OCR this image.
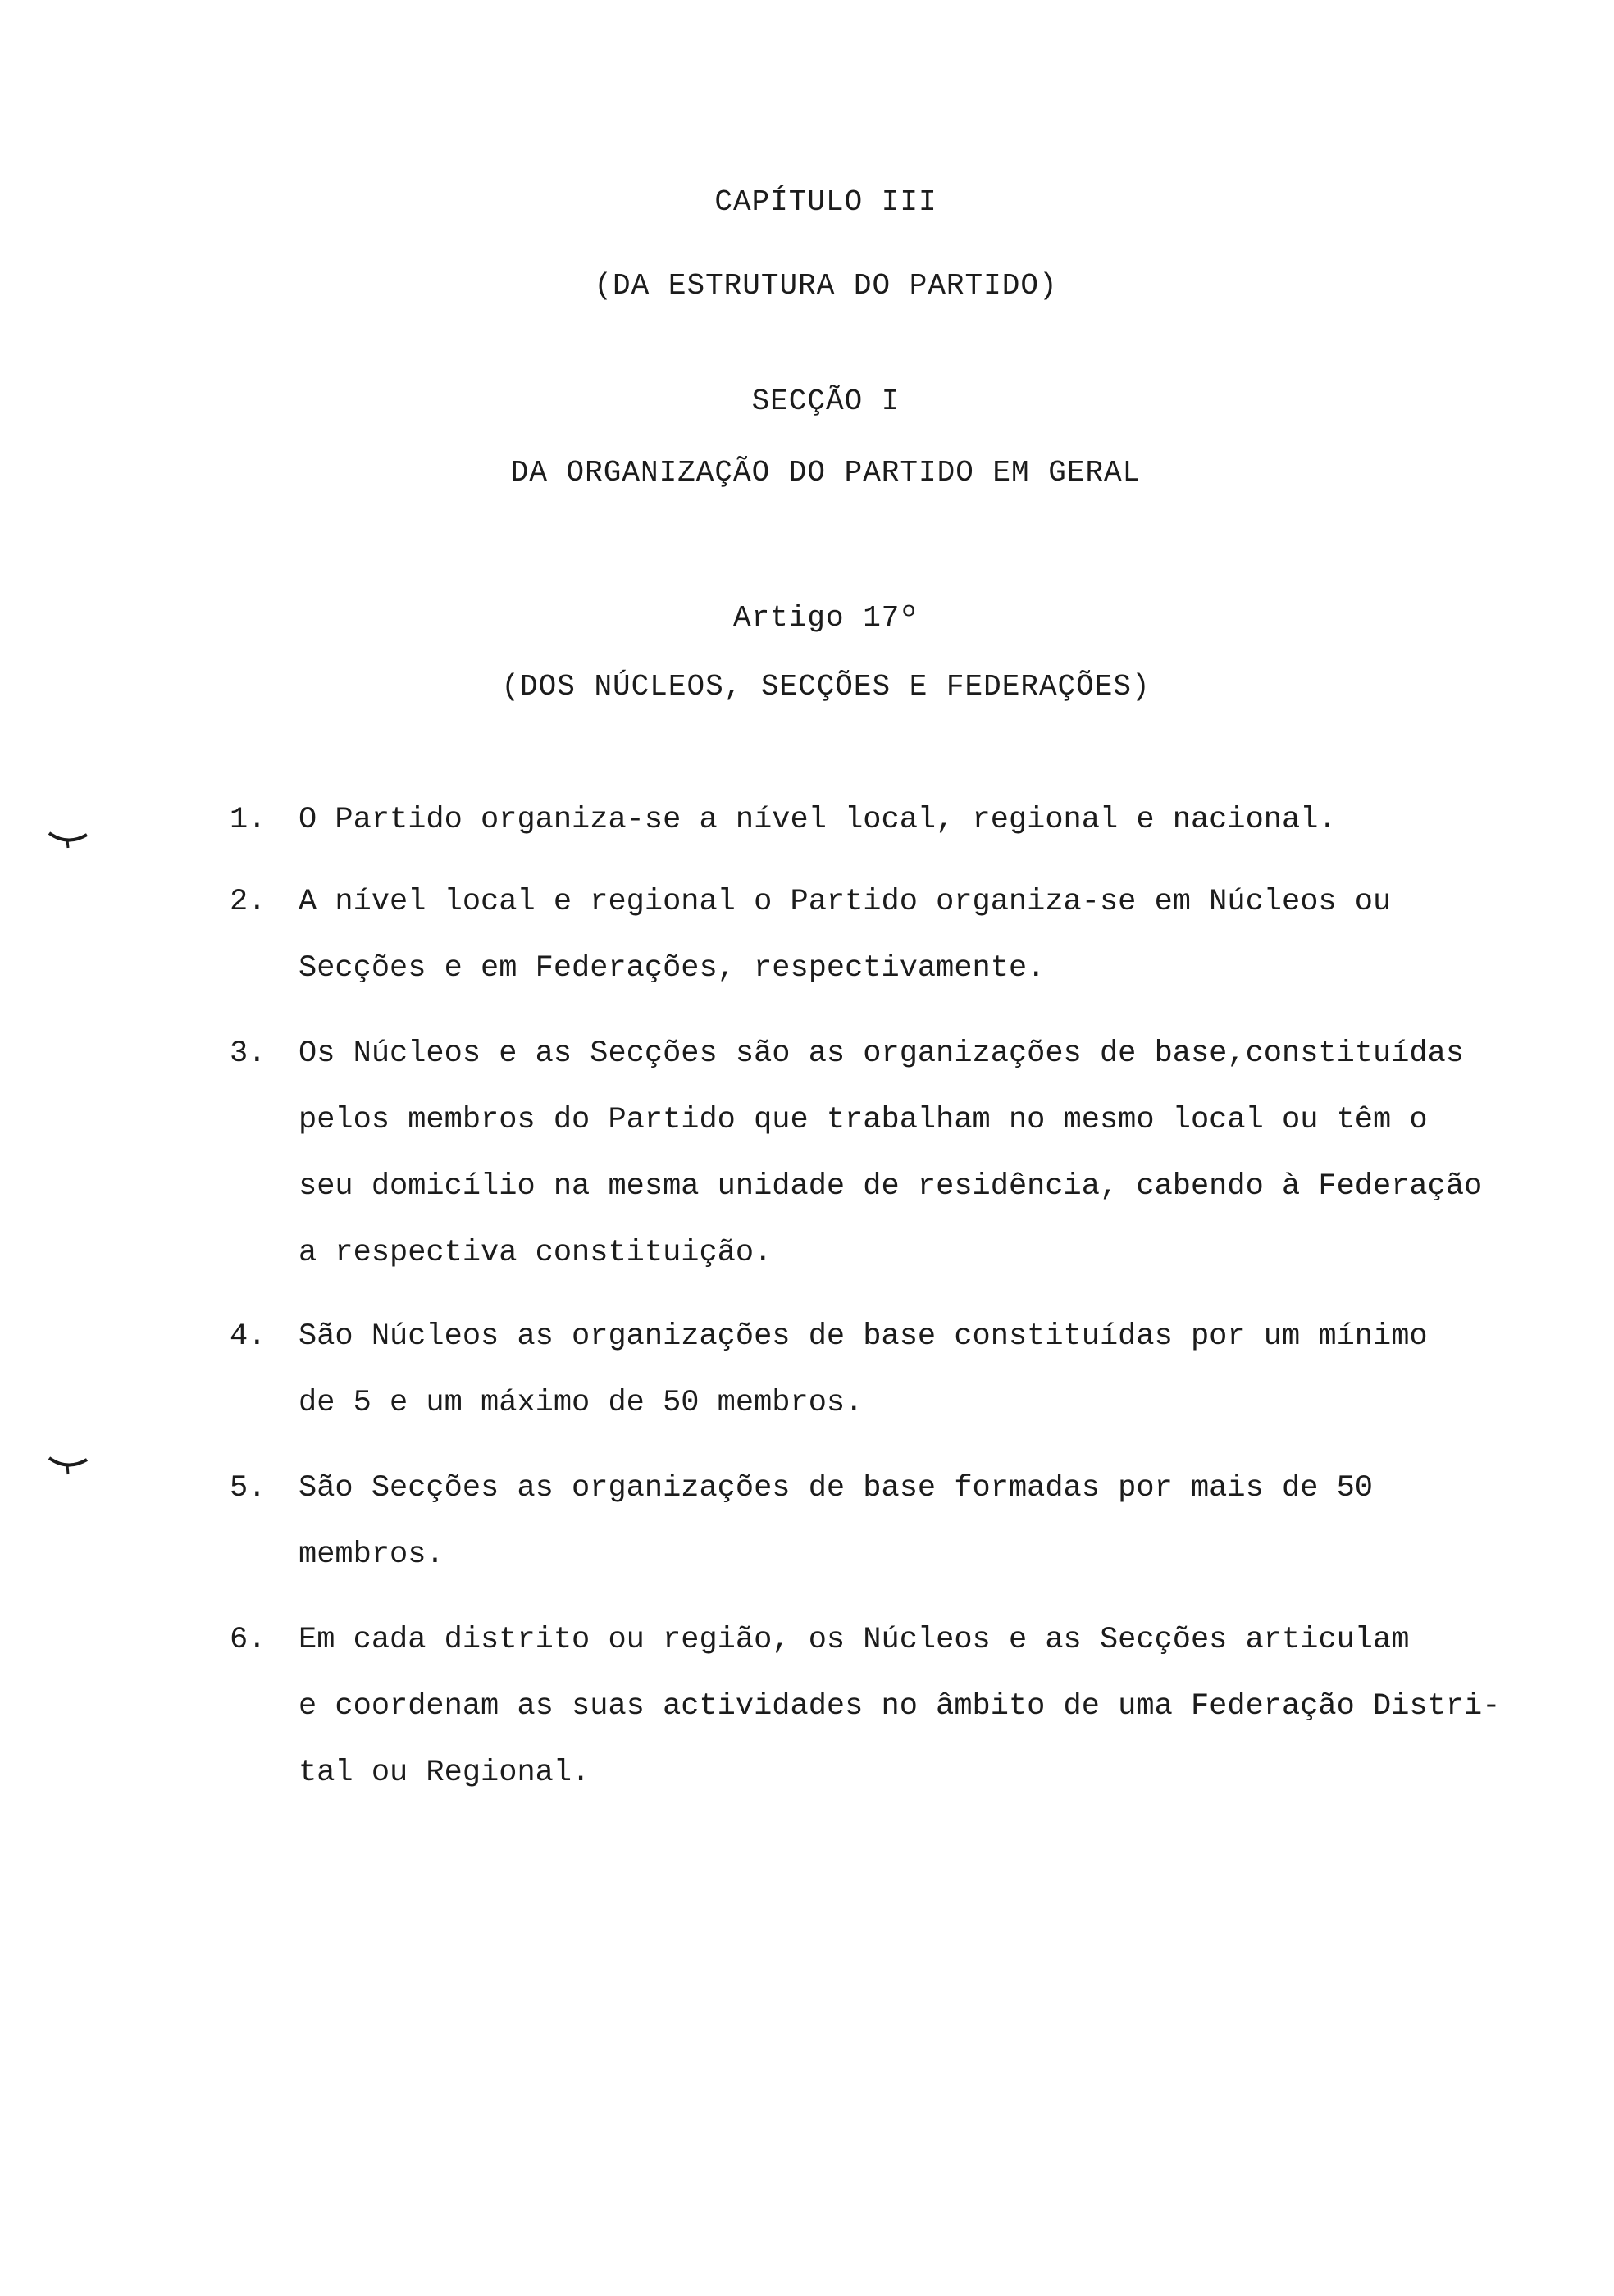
CAPÍTULO III
(DA ESTRUTURA DO PARTIDO)
SECÇÃO I
DA ORGANIZAÇÃO DO PARTIDO EM GERAL
Artigo 17º
(DOS NÚCLEOS, SECÇÕES E FEDERAÇÕES)
1. O Partido organiza-se a nível local, regional e nacional.
2. A nível local e regional o Partido organiza-se em Núcleos ou
Secções e em Federações, respectivamente.
3. Os Núcleos e as Secções são as organizações de base,constituídas
pelos membros do Partido que trabalham no mesmo local ou têm o
seu domicílio na mesma unidade de residência, cabendo à Federação
a respectiva constituição.
4. São Núcleos as organizações de base constituídas por um mínimo
de 5 e um máximo de 50 membros.
5. São Secções as organizações de base formadas por mais de 50
membros.
6. Em cada distrito ou região, os Núcleos e as Secções articulam
e coordenam as suas actividades no âmbito de uma Federação Distri-
tal ou Regional.
